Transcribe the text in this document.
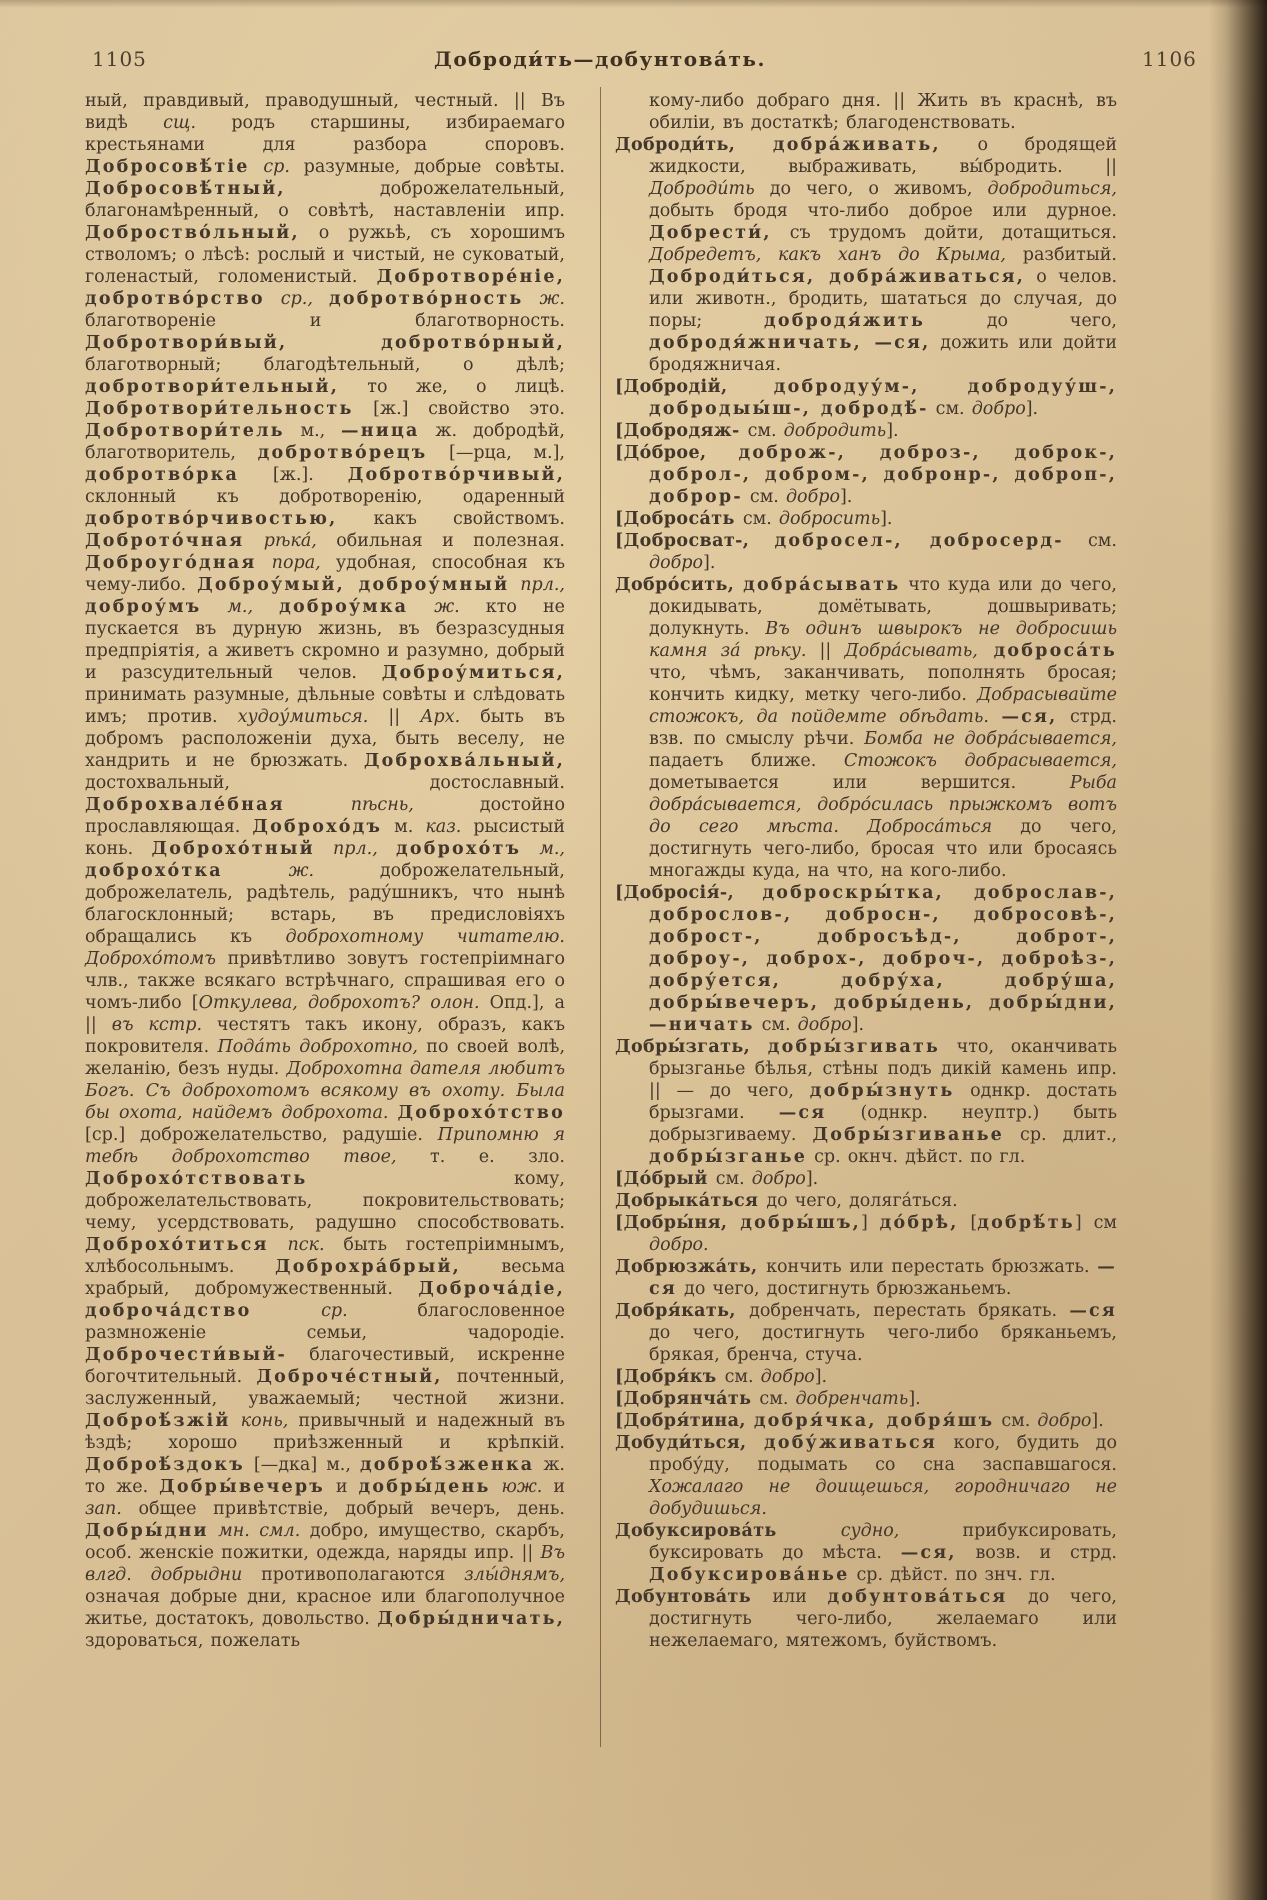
1105	Доброди́ть—добунтова́ть.	1106

ный, правдивый, праводушный, честный. || Въ видѣ сщ. родъ старшины, избираемаго крестьянами для разбора споровъ. Добросовѣ́тіе ср. разумные, добрые совѣты. Добросовѣ́тный, доброжелательный, благонамѣренный, о совѣтѣ, наставленіи ипр. Доброство́льный, о ружьѣ, съ хорошимъ стволомъ; о лѣсѣ: рослый и чистый, не суковатый, голенастый, голоменистый. Добротворе́ніе, добротво́рство ср., добротво́рность ж. благотвореніе и благотворность. Добротвори́вый, добротво́рный, благотворный; благодѣтельный, о дѣлѣ; добротвори́тельный, то же, о лицѣ. Добротвори́тельность [ж.] свойство это. Добротвори́тель м., —ница ж. добродѣй, благотворитель, добротво́рецъ [—рца, м.], добротво́рка [ж.]. Добротво́рчивый, склонный къ добротворенію, одаренный добротво́рчивостью, какъ свойствомъ. Доброто́чная рѣка́, обильная и полезная. Доброуго́дная пора, удобная, способная къ чему-либо. Доброу́мый, доброу́мный прл., доброу́мъ м., доброу́мка ж. кто не пускается въ дурную жизнь, въ безразсудныя предпріятія, а живетъ скромно и разумно, добрый и разсудительный челов. Доброу́миться, принимать разумные, дѣльные совѣты и слѣдовать имъ; против. худоу́миться. || Арх. быть въ добромъ расположеніи духа, быть веселу, не хандрить и не брюзжать. Доброхва́льный, достохвальный, достославный. Доброхвале́бная пѣснь, достойно прославляющая. Доброхо́дъ м. каз. рысистый конь. Доброхо́тный прл., доброхо́тъ м., доброхо́тка ж. доброжелательный, доброжелатель, радѣтель, раду́шникъ, что нынѣ благосклонный; встарь, въ предисловіяхъ обращались къ доброхотному читателю. Доброхо́томъ привѣтливо зовутъ гостепріимнаго члв., также всякаго встрѣчнаго, спрашивая его о чомъ-либо [Откулева, доброхотъ? олон. Опд.], а || въ кстр. честятъ такъ икону, образъ, какъ покровителя. Пода́ть доброхотно, по своей волѣ, желанію, безъ нуды. Доброхотна дателя любитъ Богъ. Съ доброхотомъ всякому въ охоту. Была бы охота, найдемъ доброхота. Доброхо́тство [ср.] доброжелательство, радушіе. Припомню я тебѣ доброхотство твое, т. е. зло. Доброхо́тствовать кому, доброжелательствовать, покровительствовать; чему, усердствовать, радушно способствовать. Доброхо́титься пск. быть гостепріимнымъ, хлѣбосольнымъ. Доброхра́брый, весьма храбрый, добромужественный. Доброча́діе, доброча́дство ср. благословенное размноженіе семьи, чадородіе. Доброчести́вый- благочестивый, искренне богочтительный. Доброче́стный, почтенный, заслуженный, уважаемый; честной жизни. Доброѣ́зжій конь, привычный и надежный въ ѣздѣ; хорошо приѣзженный и крѣпкій. Доброѣ́здокъ [—дка] м., доброѣ́зженка ж. то же. Добры́вечеръ и добры́день юж. и зап. общее привѣтствіе, добрый вечеръ, день. Добры́дни мн. смл. добро, имущество, скарбъ, особ. женскіе пожитки, одежда, наряды ипр. || Въ влгд. добрыдни противополагаются злы́днямъ, означая добрые дни, красное или благополучное житье, достатокъ, довольство. Добры́дничать, здороваться, пожелать

кому-либо добраго дня. || Жить въ краснѣ, въ обиліи, въ достаткѣ; благоденствовать.

Доброди́ть, добра́живать, о бродящей жидкости, выбраживать, вы́бродить. || Доброди́ть до чего, о живомъ, добродиться, добыть бродя что-либо доброе или дурное. Добрести́, съ трудомъ дойти, дотащиться. Добредетъ, какъ ханъ до Крыма, разбитый. Доброди́ться, добра́живаться, о челов. или животн., бродить, шататься до случая, до поры; добродя́жить до чего, добродя́жничать, —ся, дожить или дойти бродяжничая.

[Добродій, добродуу́м-, добродуу́ш-, добродыы́ш-, добродѣ́- см. добро].

[Добродяж- см. добродить].

[До́брое, доброж-, доброз-, доброк-, доброл-, добром-, добронр-, доброп-, доброр- см. добро].

[Доброса́ть см. добросить].

[Добросват-, добросел-, добросерд- см. добро].

Добро́сить, добра́сывать что куда или до чего, докидывать, домётывать, дошвыривать; долукнуть. Въ одинъ швырокъ не добросишь камня за́ рѣку. || Добра́сывать, доброса́ть что, чѣмъ, заканчивать, пополнять бросая; кончить кидку, метку чего-либо. Добрасывайте стожокъ, да пойдемте обѣдать. —ся, стрд. взв. по смыслу рѣчи. Бомба не добра́сывается, падаетъ ближе. Стожокъ добрасывается, дометывается или вершится. Рыба добра́сывается, добро́силась прыжкомъ вотъ до сего мѣста. Дοброса́ться до чего, достигнуть чего-либо, бросая что или бросаясь многажды куда, на что, на кого-либо.

[Добросія́-, доброскры́тка, доброслав-, доброслов-, добросн-, добросовѣ-, доброст-, добросъѣд-, доброт-, доброу-, доброх-, доброч-, доброѣз-, добру́ется, добру́ха, добру́ша, добры́вечеръ, добры́день, добры́дни, —ничать см. добро].

Добры́згать, добры́згивать что, оканчивать брызганье бѣлья, стѣны подъ дикій камень ипр. || — до чего, добры́знуть однкр. достать брызгами. —ся (однкр. неуптр.) быть добрызгиваему. Добры́згиванье ср. длит., добры́зганье ср. окнч. дѣйст. по гл.

[До́брый см. добро].

Добрыка́ться до чего, доляга́ться.

[Добры́ня, добры́шъ,] до́брѣ, [добрѣ́ть] см добро.

Добрюзжа́ть, кончить или перестать брюзжать. —ся до чего, достигнуть брюзжаньемъ.

Добря́кать, добренчать, перестать брякать. —ся до чего, достигнуть чего-либо бряканьемъ, брякая, бренча, стуча.

[Добря́къ см. добро].

[Добрянча́ть см. добренчать].

[Добря́тина, добря́чка, добря́шъ см. добро].

Добуди́ться, добу́живаться кого, будить до пробу́ду, подымать со сна заспавшагося. Хожалаго не доищешься, городничаго не добудишься.

Добуксирова́ть судно, прибуксировать, буксировать до мѣста. —ся, возв. и стрд. Добуксирова́нье ср. дѣйст. по знч. гл.

Добунтова́ть или добунтова́ться до чего, достигнуть чего-либо, желаемаго или нежелаемаго, мятежомъ, буйствомъ.
